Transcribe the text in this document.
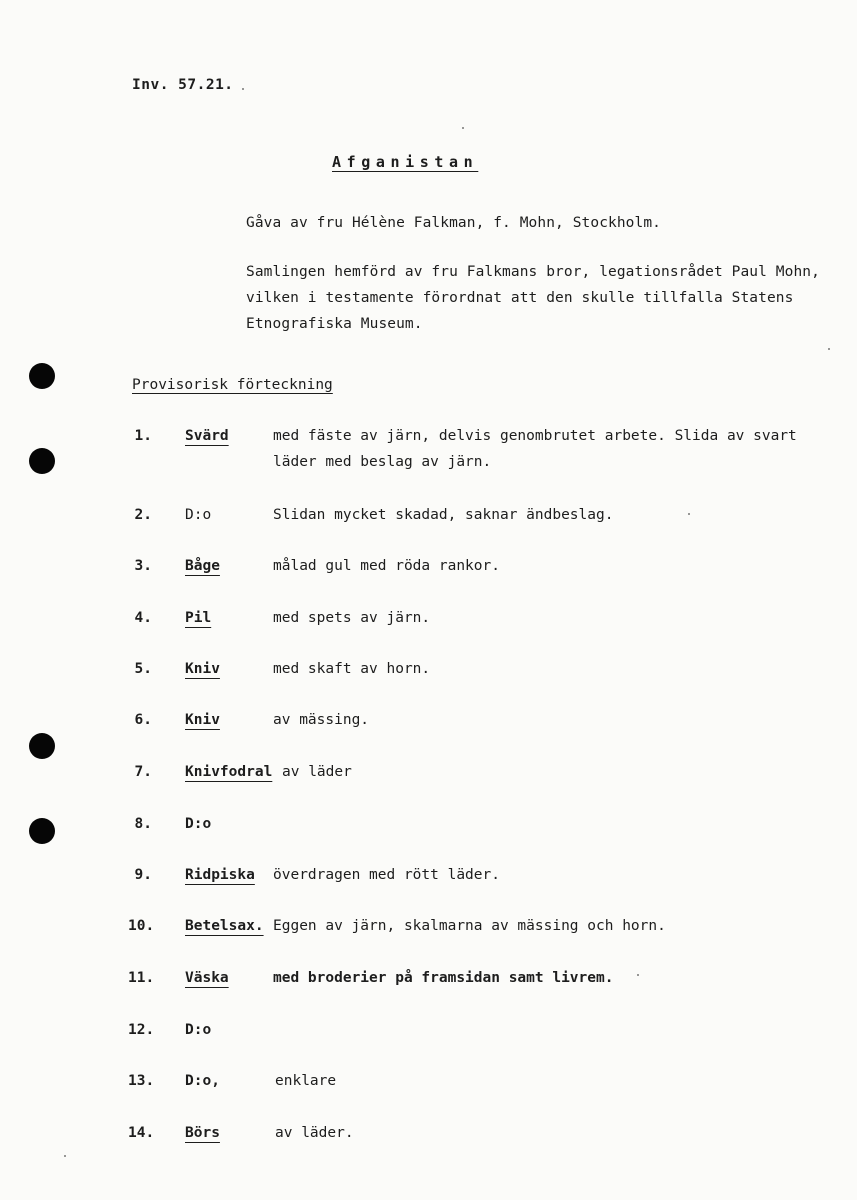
Inv. 57.21.
Afganistan
Gåva av fru Hélène Falkman, f. Mohn, Stockholm.
Samlingen hemförd av fru Falkmans bror, legationsrådet Paul Mohn,
vilken i testamente förordnat att den skulle tillfalla Statens
Etnografiska Museum.
Provisorisk förteckning
1. Svärd	med fäste av järn, delvis genombrutet arbete. Slida av svart
läder med beslag av järn.
2. D:o	Slidan mycket skadad, saknar ändbeslag.
3. Båge	målad gul med röda rankor.
4. Pil	med spets av järn.
5. Kniv	med skaft av horn.
6. Kniv	av mässing.
7. Knivfodral av läder
8. D:o
9. Ridpiska överdragen med rött läder.
10. Betelsax. Eggen av järn, skalmarna av mässing och horn.
11. Väska	med broderier på framsidan samt livrem.
12. D:o
13. D:o,	enklare
14. Börs	av läder.
